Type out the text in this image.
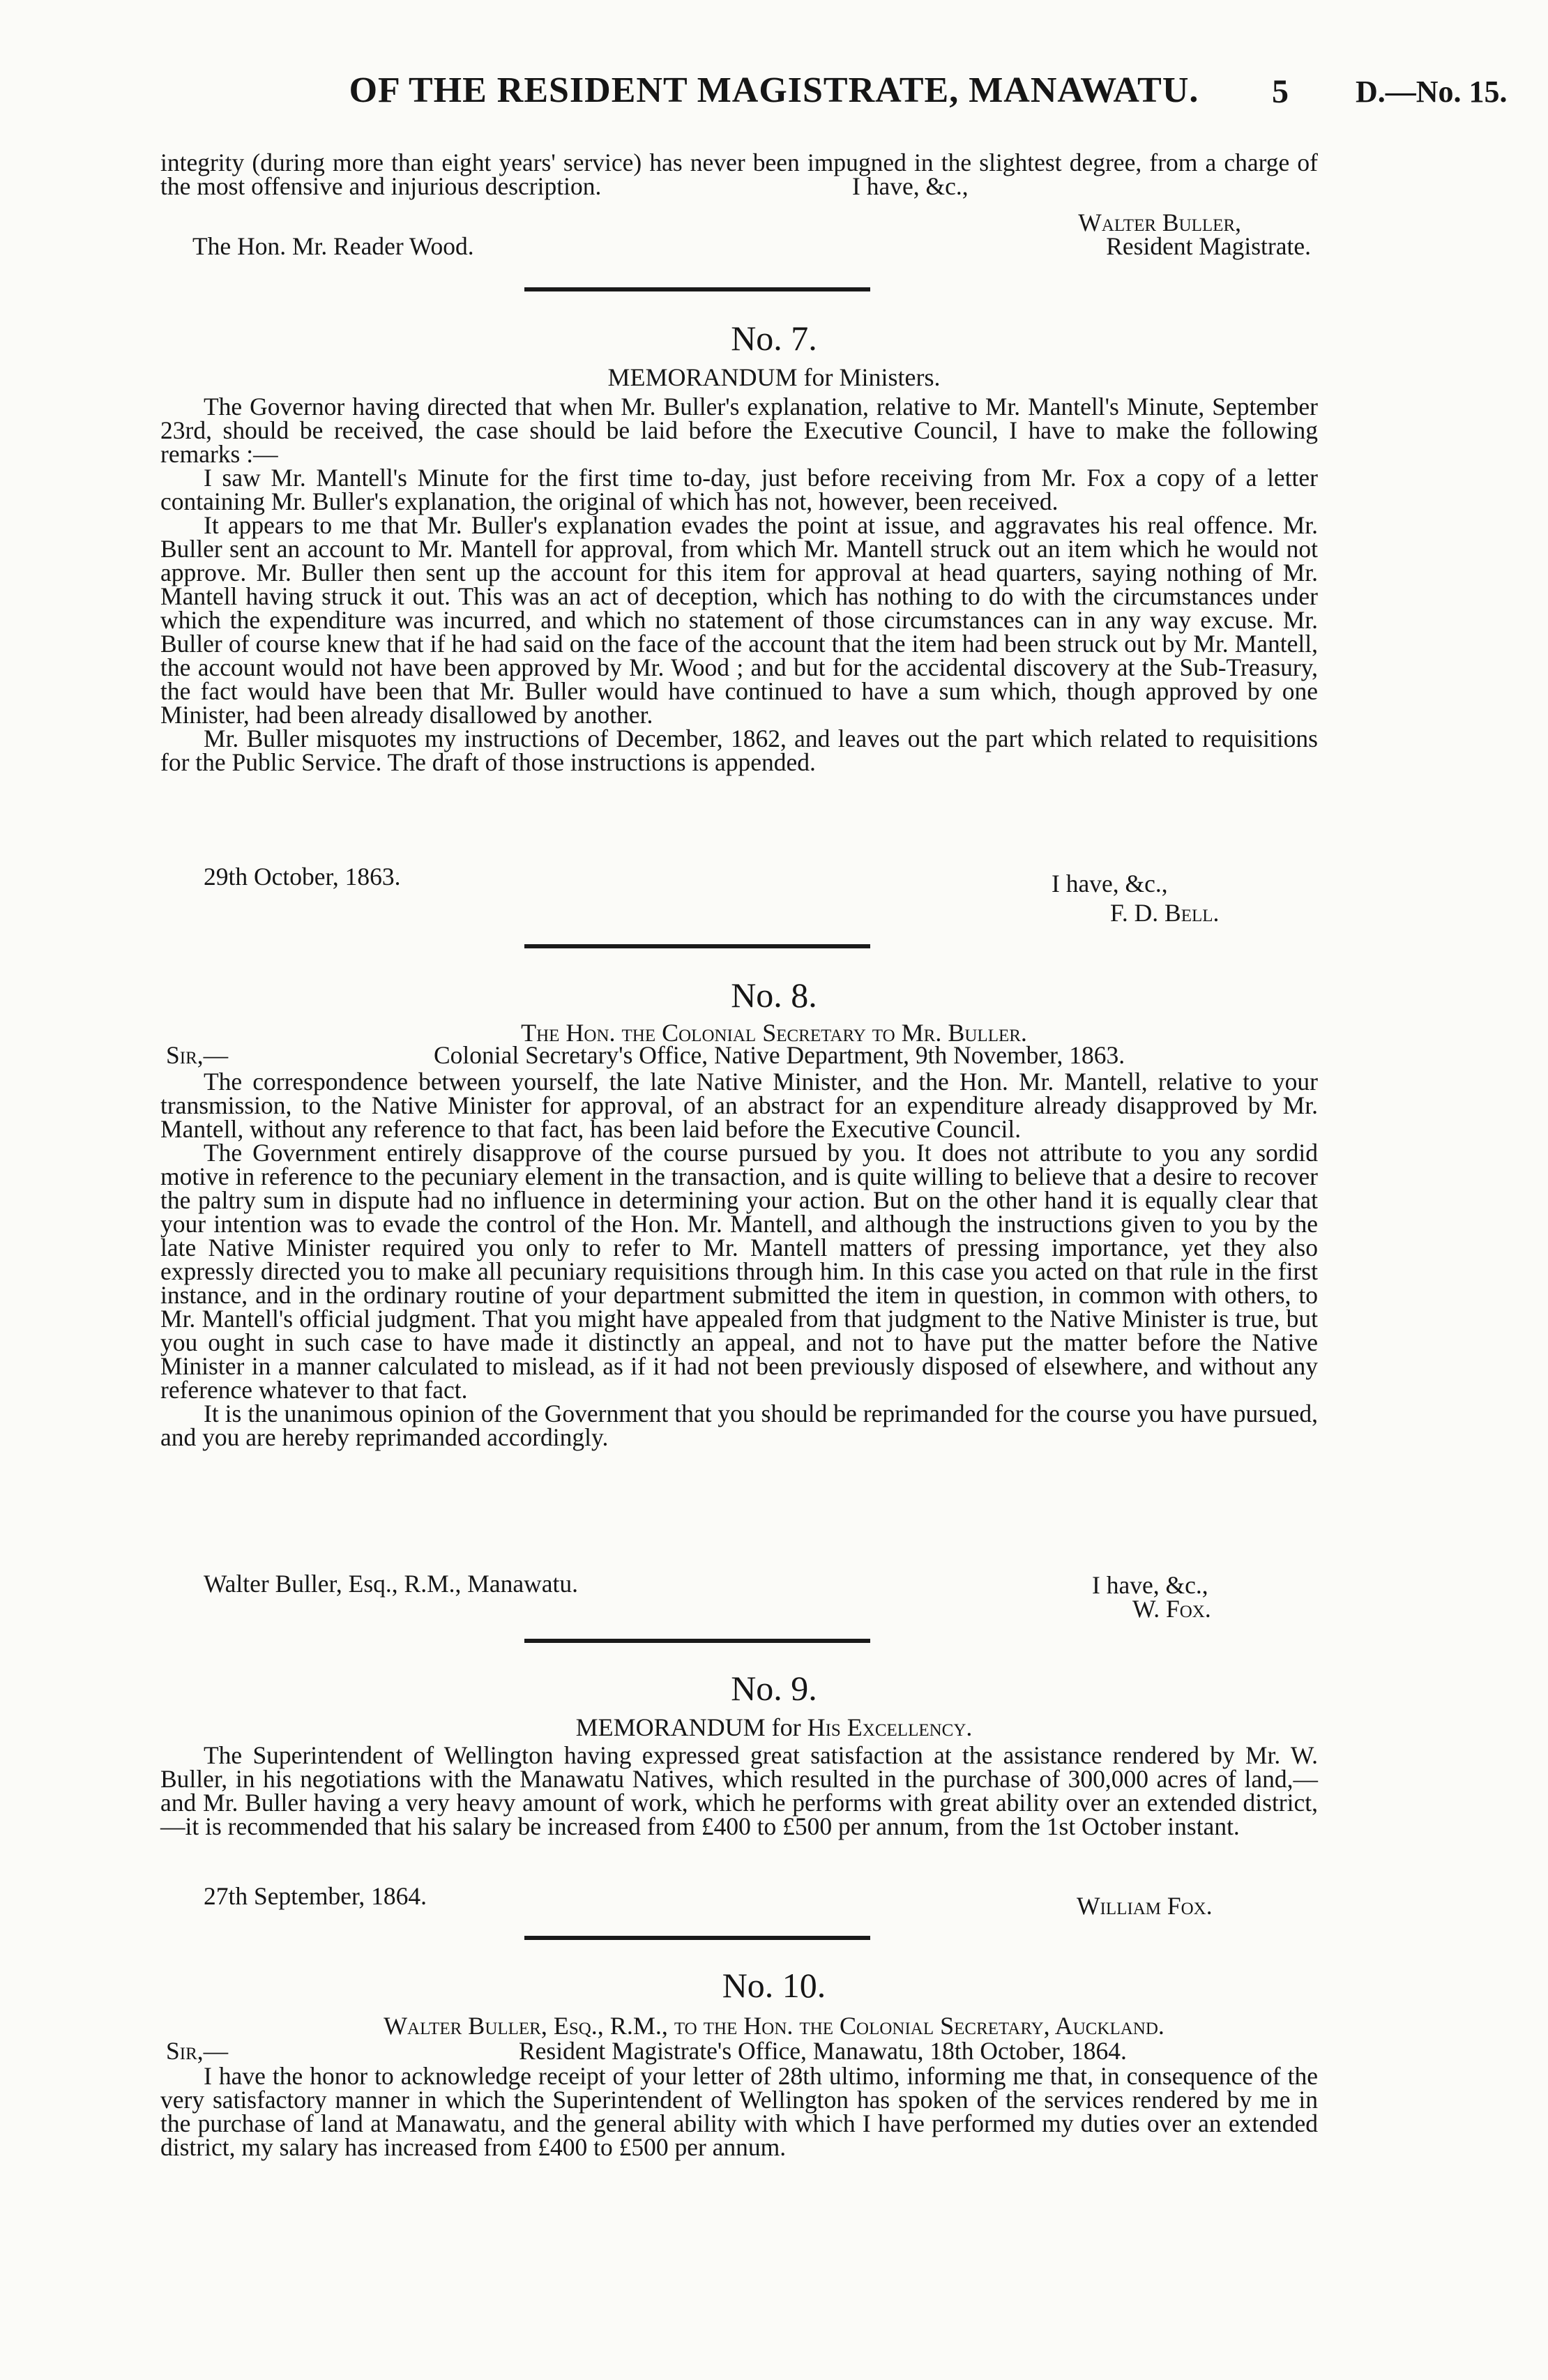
OF THE RESIDENT MAGISTRATE, MANAWATU.	5 D.—No. 15.

integrity (during more than eight years' service) has never been impugned in the slightest degree, from a charge of the most offensive and injurious description.	I have, &c.,
Walter Buller,
The Hon. Mr. Reader Wood.	Resident Magistrate.
No. 7.
MEMORANDUM for Ministers.

The Governor having directed that when Mr. Buller's explanation, relative to Mr. Mantell's Minute, September 23rd, should be received, the case should be laid before the Executive Council, I have to make the following remarks :—

I saw Mr. Mantell's Minute for the first time to-day, just before receiving from Mr. Fox a copy of a letter containing Mr. Buller's explanation, the original of which has not, however, been received.

It appears to me that Mr. Buller's explanation evades the point at issue, and aggravates his real offence. Mr. Buller sent an account to Mr. Mantell for approval, from which Mr. Mantell struck out an item which he would not approve. Mr. Buller then sent up the account for this item for approval at head quarters, saying nothing of Mr. Mantell having struck it out. This was an act of deception, which has nothing to do with the circumstances under which the expenditure was incurred, and which no statement of those circumstances can in any way excuse. Mr. Buller of course knew that if he had said on the face of the account that the item had been struck out by Mr. Mantell, the account would not have been approved by Mr. Wood ; and but for the accidental discovery at the Sub-Treasury, the fact would have been that Mr. Buller would have continued to have a sum which, though approved by one Minister, had been already disallowed by another.

Mr. Buller misquotes my instructions of December, 1862, and leaves out the part which related to requisitions for the Public Service. The draft of those instructions is appended.

29th October, 1863.	I have, &c.,
F. D. Bell.
No. 8.
The Hon. the Colonial Secretary to Mr. Buller.
Sir,—	Colonial Secretary's Office, Native Department, 9th November, 1863.

The correspondence between yourself, the late Native Minister, and the Hon. Mr. Mantell, relative to your transmission, to the Native Minister for approval, of an abstract for an expenditure already disapproved by Mr. Mantell, without any reference to that fact, has been laid before the Executive Council.

The Government entirely disapprove of the course pursued by you. It does not attribute to you any sordid motive in reference to the pecuniary element in the transaction, and is quite willing to believe that a desire to recover the paltry sum in dispute had no influence in determining your action. But on the other hand it is equally clear that your intention was to evade the control of the Hon. Mr. Mantell, and although the instructions given to you by the late Native Minister required you only to refer to Mr. Mantell matters of pressing importance, yet they also expressly directed you to make all pecuniary requisitions through him. In this case you acted on that rule in the first instance, and in the ordinary routine of your department submitted the item in question, in common with others, to Mr. Mantell's official judgment. That you might have appealed from that judgment to the Native Minister is true, but you ought in such case to have made it distinctly an appeal, and not to have put the matter before the Native Minister in a manner calculated to mislead, as if it had not been previously disposed of elsewhere, and without any reference whatever to that fact.

It is the unanimous opinion of the Government that you should be reprimanded for the course you have pursued, and you are hereby reprimanded accordingly.

Walter Buller, Esq., R.M., Manawatu.	I have, &c.,
W. Fox.
No. 9.
MEMORANDUM for His Excellency.

The Superintendent of Wellington having expressed great satisfaction at the assistance rendered by Mr. W. Buller, in his negotiations with the Manawatu Natives, which resulted in the purchase of 300,000 acres of land,—and Mr. Buller having a very heavy amount of work, which he performs with great ability over an extended district,—it is recommended that his salary be increased from £400 to £500 per annum, from the 1st October instant.

27th September, 1864.	William Fox.
No. 10.
Walter Buller, Esq., R.M., to the Hon. the Colonial Secretary, Auckland.
Sir,—	Resident Magistrate's Office, Manawatu, 18th October, 1864.

I have the honor to acknowledge receipt of your letter of 28th ultimo, informing me that, in consequence of the very satisfactory manner in which the Superintendent of Wellington has spoken of the services rendered by me in the purchase of land at Manawatu, and the general ability with which I have performed my duties over an extended district, my salary has increased from £400 to £500 per annum.
